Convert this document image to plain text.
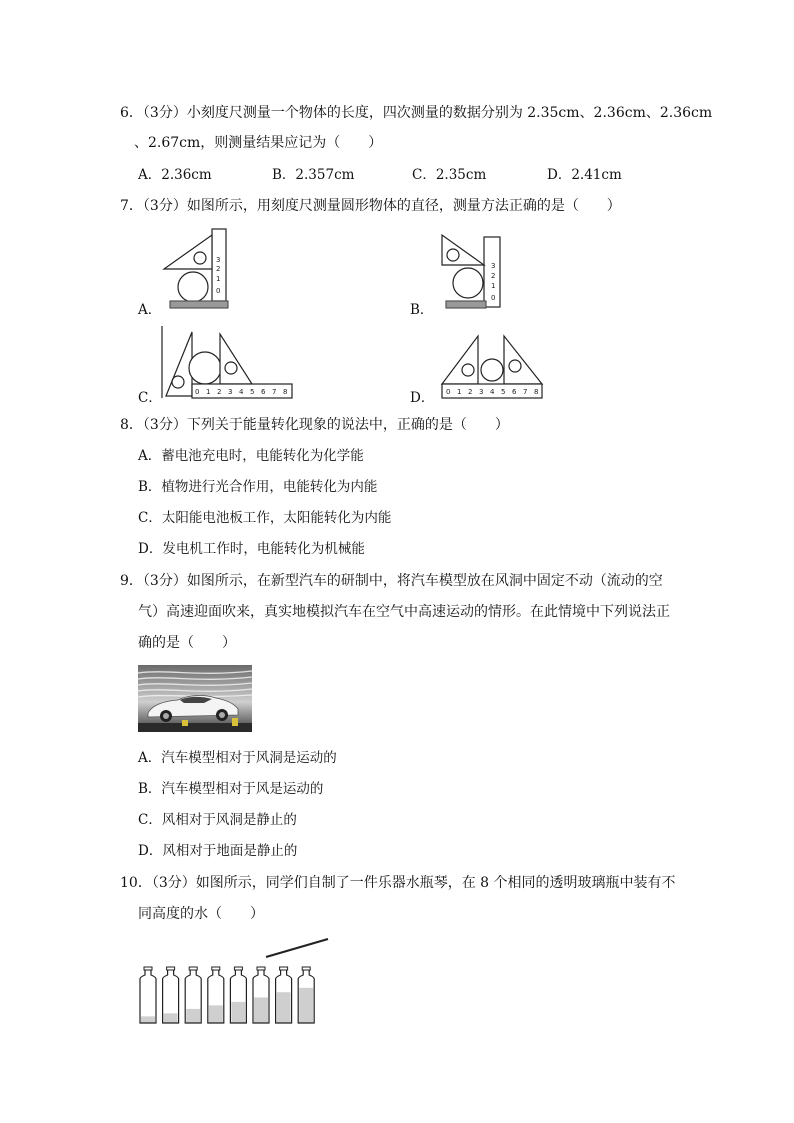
6．（3分）小刻度尺测量一个物体的长度，四次测量的数据分别为 2.35cm、2.36cm、2.36cm
、2.67cm，则测量结果应记为（　　）
A．2.36cm	B．2.357cm	C．2.35cm	D．2.41cm
7．（3分）如图所示，用刻度尺测量圆形物体的直径，测量方法正确的是（　　）
3
2
1
0
A．
3
2
1
0
B．
0 1 2 3 4 5 6 7 8
C．	0 1 2 3 4 5 6 7 8
D．
8．（3分）下列关于能量转化现象的说法中，正确的是（　　）
A．蓄电池充电时，电能转化为化学能
B．植物进行光合作用，电能转化为内能
C．太阳能电池板工作，太阳能转化为内能
D．发电机工作时，电能转化为机械能
9．（3分）如图所示，在新型汽车的研制中，将汽车模型放在风洞中固定不动（流动的空
气）高速迎面吹来，真实地模拟汽车在空气中高速运动的情形。在此情境中下列说法正
确的是（　　）
A．汽车模型相对于风洞是运动的
B．汽车模型相对于风是运动的
C．风相对于风洞是静止的
D．风相对于地面是静止的
10．（3分）如图所示，同学们自制了一件乐器水瓶琴，在 8 个相同的透明玻璃瓶中装有不
同高度的水（　　）
